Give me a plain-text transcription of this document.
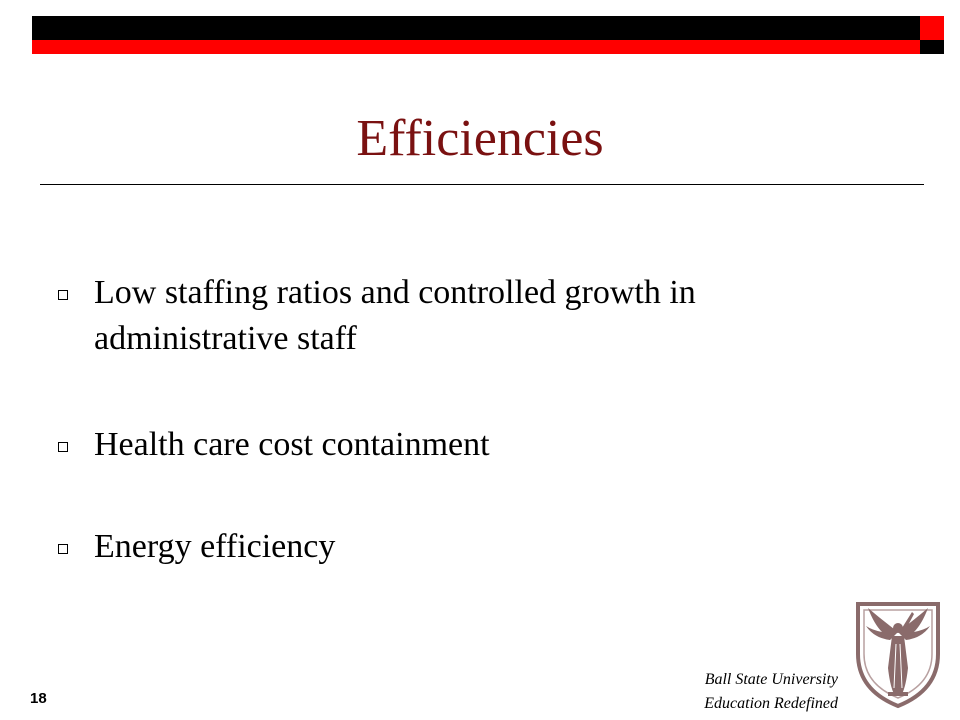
Efficiencies
Low staffing ratios and controlled growth in administrative staff
Health care cost containment
Energy efficiency
18
Ball State University
Education Redefined
